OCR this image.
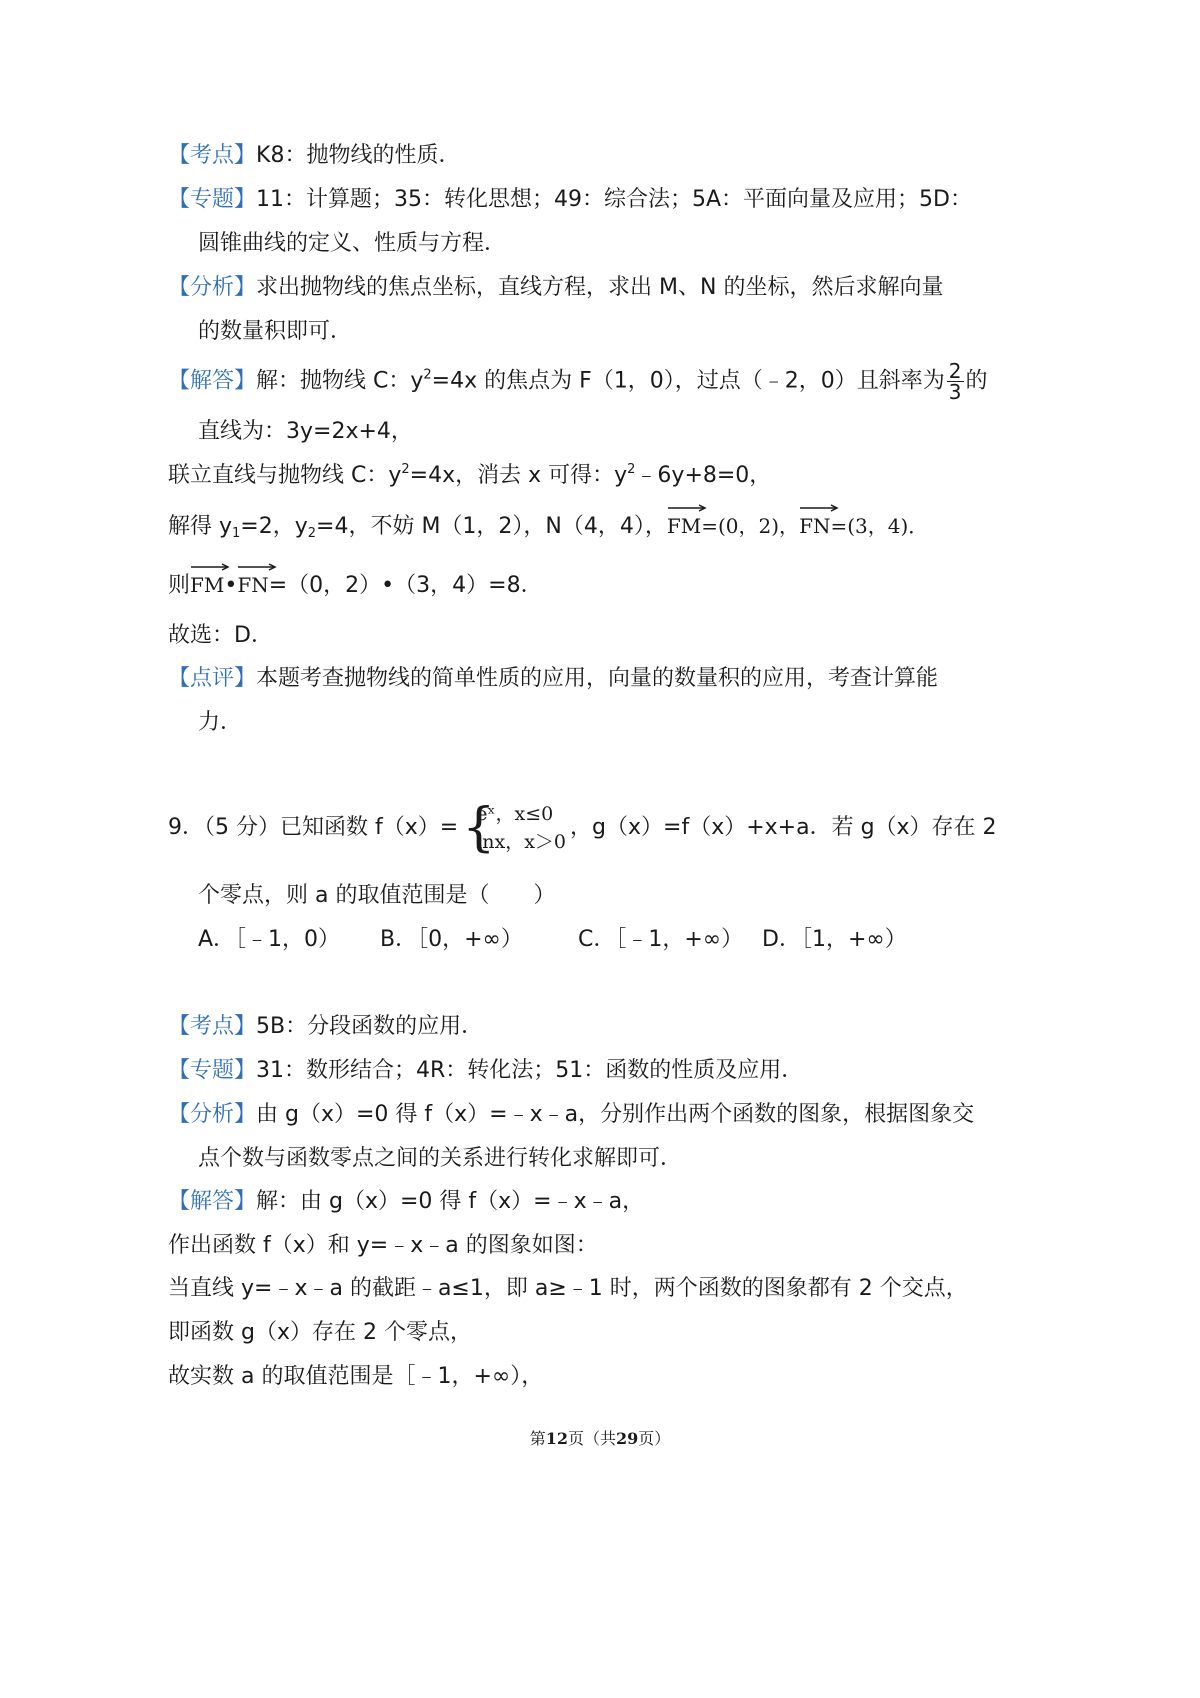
【考点】K8：抛物线的性质．
【专题】11：计算题；35：转化思想；49：综合法；5A：平面向量及应用；5D：
圆锥曲线的定义、性质与方程．
【分析】求出抛物线的焦点坐标，直线方程，求出 M、N 的坐标，然后求解向量
的数量积即可．
【解答】解：抛物线 C：$y^2=4x$ 的焦点为 F（1，0），过点（﹣2，0）且斜率为 $\frac{2}{3}$ 的
直线为：3y=2x+4，
联立直线与抛物线 C：$y^2=4x$，消去 x 可得：$y^2﹣6y+8=0$，
解得 $y_1=2$，$y_2=4$，不妨 M（1，2），N（4，4），
FM=(0，2)，
FN=(3，4)．
则
FM•
FN=（0，2）•（3，4）=8．
故选：D．
【点评】本题考查抛物线的简单性质的应用，向量的数量积的应用，考查计算能
力．
9．（5 分）已知函数 f（x）= {
eˣ，x≤0
lnx，x＞0
，g（x）=f（x）+x+a．若 g（x）存在 2
个零点，则 a 的取值范围是（　　）
A．［﹣1，0） B．［0，+∞）	C．［﹣1，+∞） D．［1，+∞）
【考点】5B：分段函数的应用．
【专题】31：数形结合；4R：转化法；51：函数的性质及应用．
【分析】由 g（x）=0 得 f（x）=﹣x﹣a，分别作出两个函数的图象，根据图象交
点个数与函数零点之间的关系进行转化求解即可．
【解答】解：由 g（x）=0 得 f（x）=﹣x﹣a，
作出函数 f（x）和 y=﹣x﹣a 的图象如图：
当直线 y=﹣x﹣a 的截距﹣a≤1，即 a≥﹣1 时，两个函数的图象都有 2 个交点，
即函数 g（x）存在 2 个零点，
故实数 a 的取值范围是［﹣1，+∞），
第12页（共29页）
